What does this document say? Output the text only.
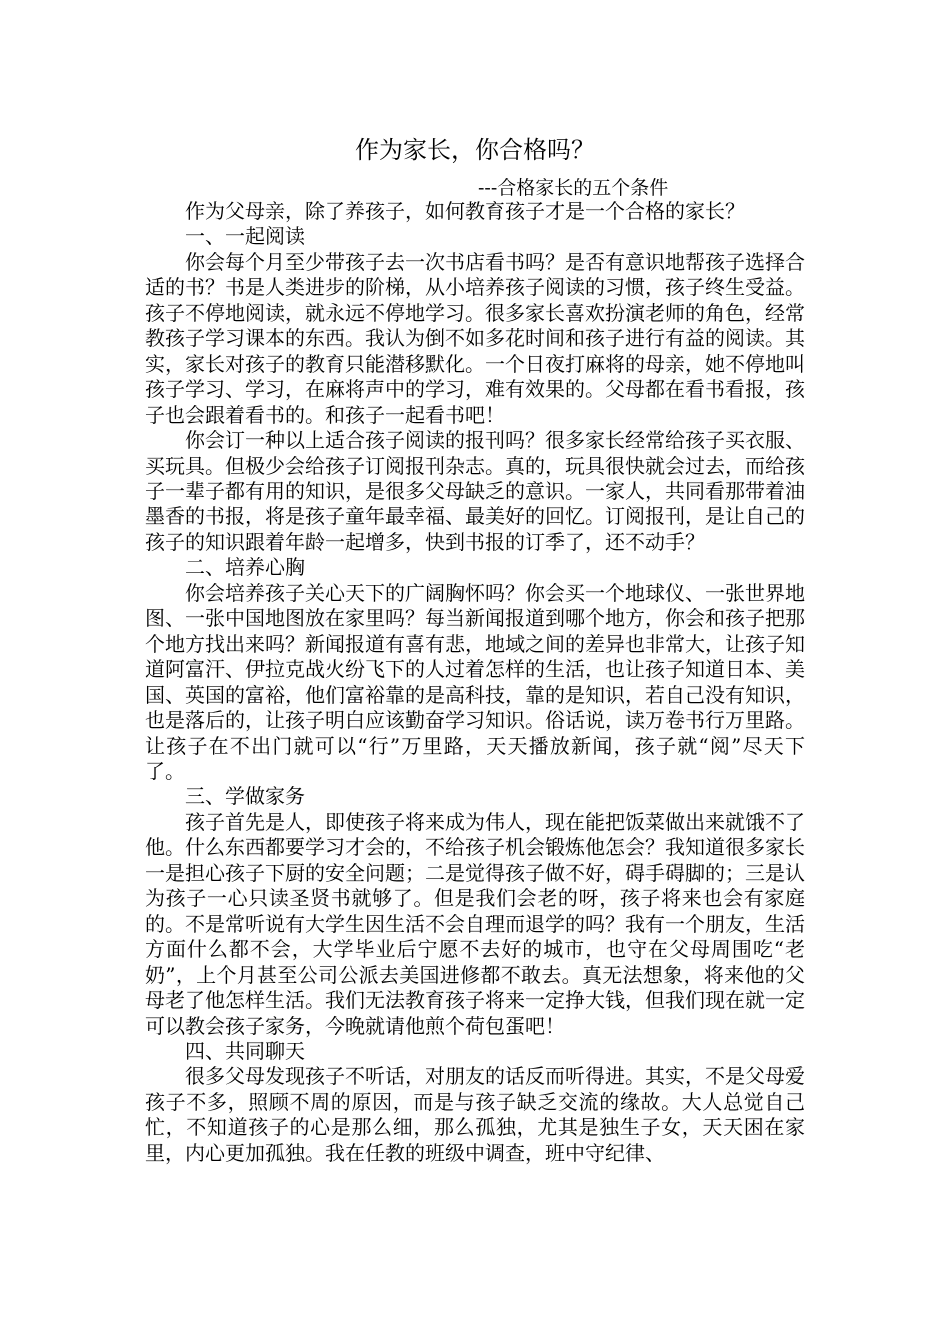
作为家长，你合格吗？
---合格家长的五个条件

作为父母亲，除了养孩子，如何教育孩子才是一个合格的家长？

一、一起阅读

你会每个月至少带孩子去一次书店看书吗？是否有意识地帮孩子选择合适的书？书是人类进步的阶梯，从小培养孩子阅读的习惯，孩子终生受益。孩子不停地阅读，就永远不停地学习。很多家长喜欢扮演老师的角色，经常教孩子学习课本的东西。我认为倒不如多花时间和孩子进行有益的阅读。其实，家长对孩子的教育只能潜移默化。一个日夜打麻将的母亲，她不停地叫孩子学习、学习，在麻将声中的学习，难有效果的。父母都在看书看报，孩子也会跟着看书的。和孩子一起看书吧！

你会订一种以上适合孩子阅读的报刊吗？很多家长经常给孩子买衣服、买玩具。但极少会给孩子订阅报刊杂志。真的，玩具很快就会过去，而给孩子一辈子都有用的知识，是很多父母缺乏的意识。一家人，共同看那带着油墨香的书报，将是孩子童年最幸福、最美好的回忆。订阅报刊，是让自己的孩子的知识跟着年龄一起增多，快到书报的订季了，还不动手？

二、培养心胸

你会培养孩子关心天下的广阔胸怀吗？你会买一个地球仪、一张世界地图、一张中国地图放在家里吗？每当新闻报道到哪个地方，你会和孩子把那个地方找出来吗？新闻报道有喜有悲，地域之间的差异也非常大，让孩子知道阿富汗、伊拉克战火纷飞下的人过着怎样的生活，也让孩子知道日本、美国、英国的富裕，他们富裕靠的是高科技，靠的是知识，若自己没有知识，也是落后的，让孩子明白应该勤奋学习知识。俗话说，读万卷书行万里路。让孩子在不出门就可以“行”万里路，天天播放新闻，孩子就“阅”尽天下了。

三、学做家务

孩子首先是人，即使孩子将来成为伟人，现在能把饭菜做出来就饿不了他。什么东西都要学习才会的，不给孩子机会锻炼他怎会？我知道很多家长一是担心孩子下厨的安全问题；二是觉得孩子做不好，碍手碍脚的；三是认为孩子一心只读圣贤书就够了。但是我们会老的呀，孩子将来也会有家庭的。不是常听说有大学生因生活不会自理而退学的吗？我有一个朋友，生活方面什么都不会，大学毕业后宁愿不去好的城市，也守在父母周围吃“老奶”，上个月甚至公司公派去美国进修都不敢去。真无法想象，将来他的父母老了他怎样生活。我们无法教育孩子将来一定挣大钱，但我们现在就一定可以教会孩子家务，今晚就请他煎个荷包蛋吧！

四、共同聊天

很多父母发现孩子不听话，对朋友的话反而听得进。其实，不是父母爱孩子不多，照顾不周的原因，而是与孩子缺乏交流的缘故。大人总觉自己忙，不知道孩子的心是那么细，那么孤独，尤其是独生子女，天天困在家里，内心更加孤独。我在任教的班级中调查，班中守纪律、
